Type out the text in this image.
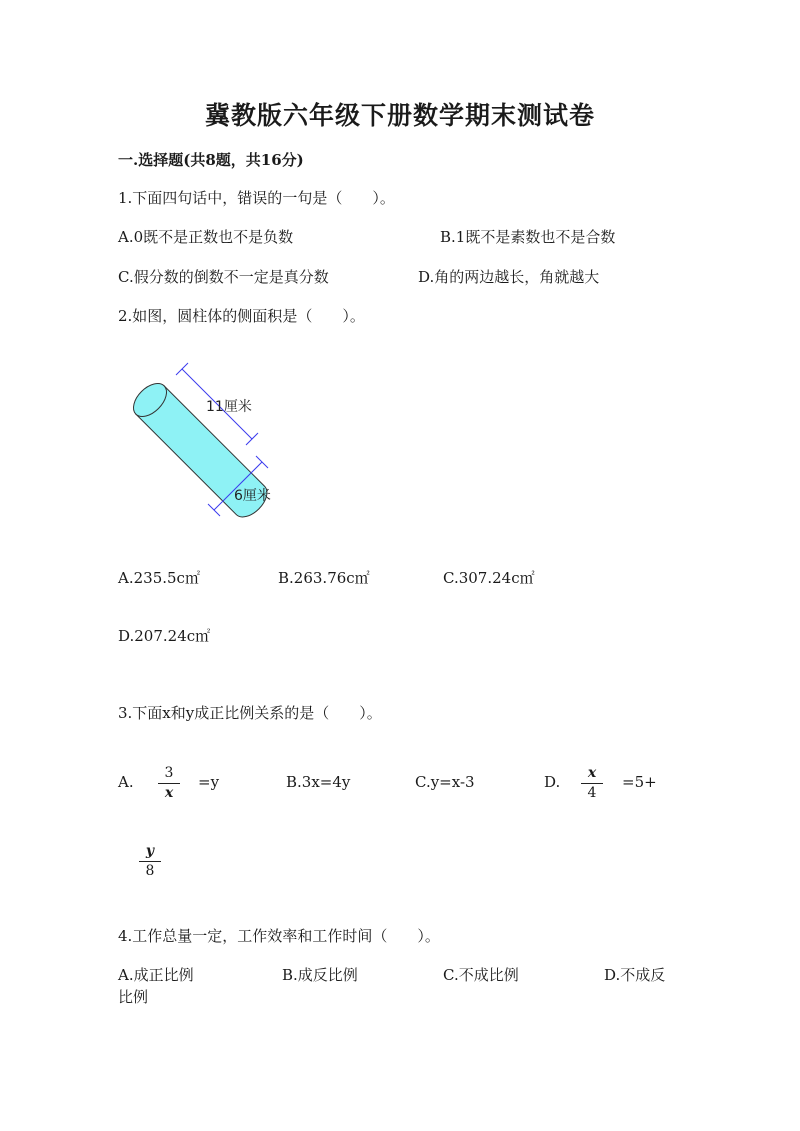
冀教版六年级下册数学期末测试卷
一.选择题(共8题，共16分)
1.下面四句话中，错误的一句是（　　）。
A.0既不是正数也不是负数	B.1既不是素数也不是合数
C.假分数的倒数不一定是真分数	D.角的两边越长，角就越大
2.如图，圆柱体的侧面积是（　　）。
11厘米
6厘米
A.235.5c㎡	B.263.76c㎡	C.307.24c㎡
D.207.24c㎡
3.下面x和y成正比例关系的是（　　）。
A. $\frac{3}{x} =y$	B.3x=4y	C.y=x-3	D. $\frac{x}{4} =5+$
$\frac{y}{8}$
4.工作总量一定，工作效率和工作时间（　　）。
A.成正比例	B.成反比例	C.不成比例	D.不成反
比例
